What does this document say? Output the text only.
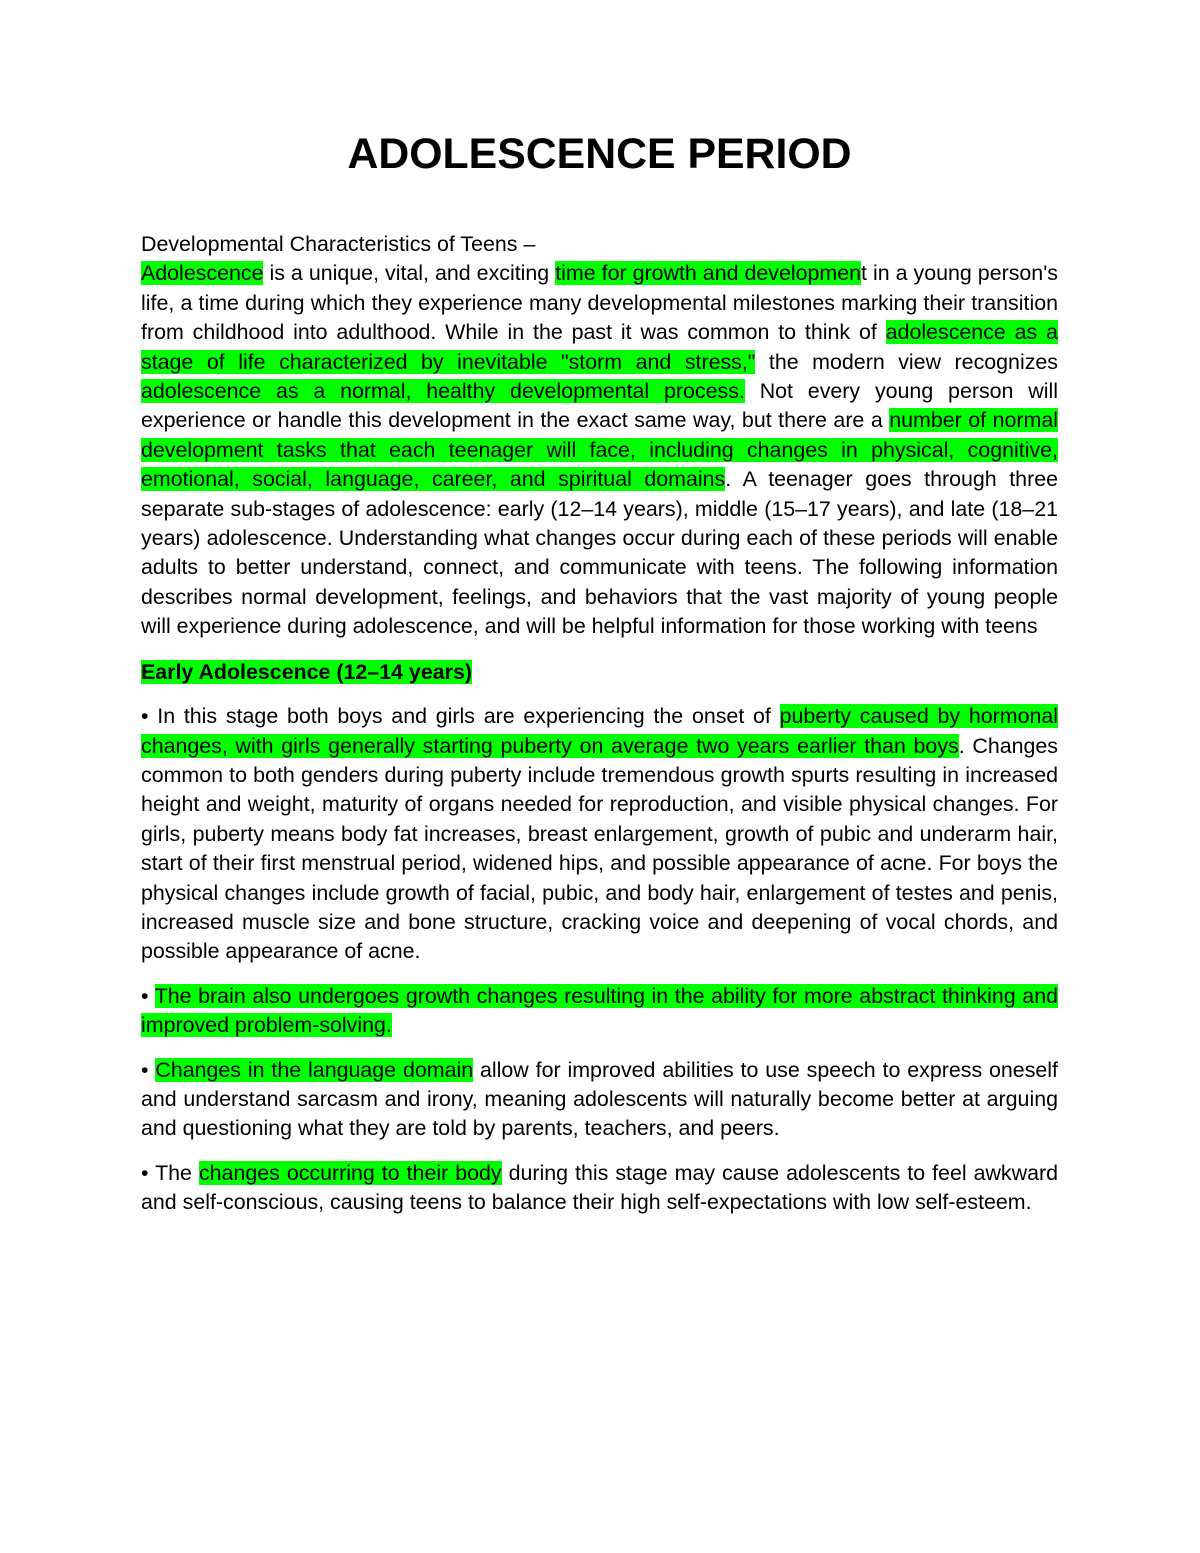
ADOLESCENCE PERIOD

Developmental Characteristics of Teens –

Adolescence is a unique, vital, and exciting time for growth and development in a young person's life, a time during which they experience many developmental milestones marking their transition from childhood into adulthood. While in the past it was common to think of adolescence as a stage of life characterized by inevitable "storm and stress," the modern view recognizes adolescence as a normal, healthy developmental process. Not every young person will experience or handle this development in the exact same way, but there are a number of normal development tasks that each teenager will face, including changes in physical, cognitive, emotional, social, language, career, and spiritual domains. A teenager goes through three separate sub-stages of adolescence: early (12–14 years), middle (15–17 years), and late (18–21 years) adolescence. Understanding what changes occur during each of these periods will enable adults to better understand, connect, and communicate with teens. The following information describes normal development, feelings, and behaviors that the vast majority of young people will experience during adolescence, and will be helpful information for those working with teens

Early Adolescence (12–14 years)

• In this stage both boys and girls are experiencing the onset of puberty caused by hormonal changes, with girls generally starting puberty on average two years earlier than boys. Changes common to both genders during puberty include tremendous growth spurts resulting in increased height and weight, maturity of organs needed for reproduction, and visible physical changes. For girls, puberty means body fat increases, breast enlargement, growth of pubic and underarm hair, start of their first menstrual period, widened hips, and possible appearance of acne. For boys the physical changes include growth of facial, pubic, and body hair, enlargement of testes and penis, increased muscle size and bone structure, cracking voice and deepening of vocal chords, and possible appearance of acne.

• The brain also undergoes growth changes resulting in the ability for more abstract thinking and improved problem-solving.

• Changes in the language domain allow for improved abilities to use speech to express oneself and understand sarcasm and irony, meaning adolescents will naturally become better at arguing and questioning what they are told by parents, teachers, and peers.

• The changes occurring to their body during this stage may cause adolescents to feel awkward and self-conscious, causing teens to balance their high self-expectations with low self-esteem.
